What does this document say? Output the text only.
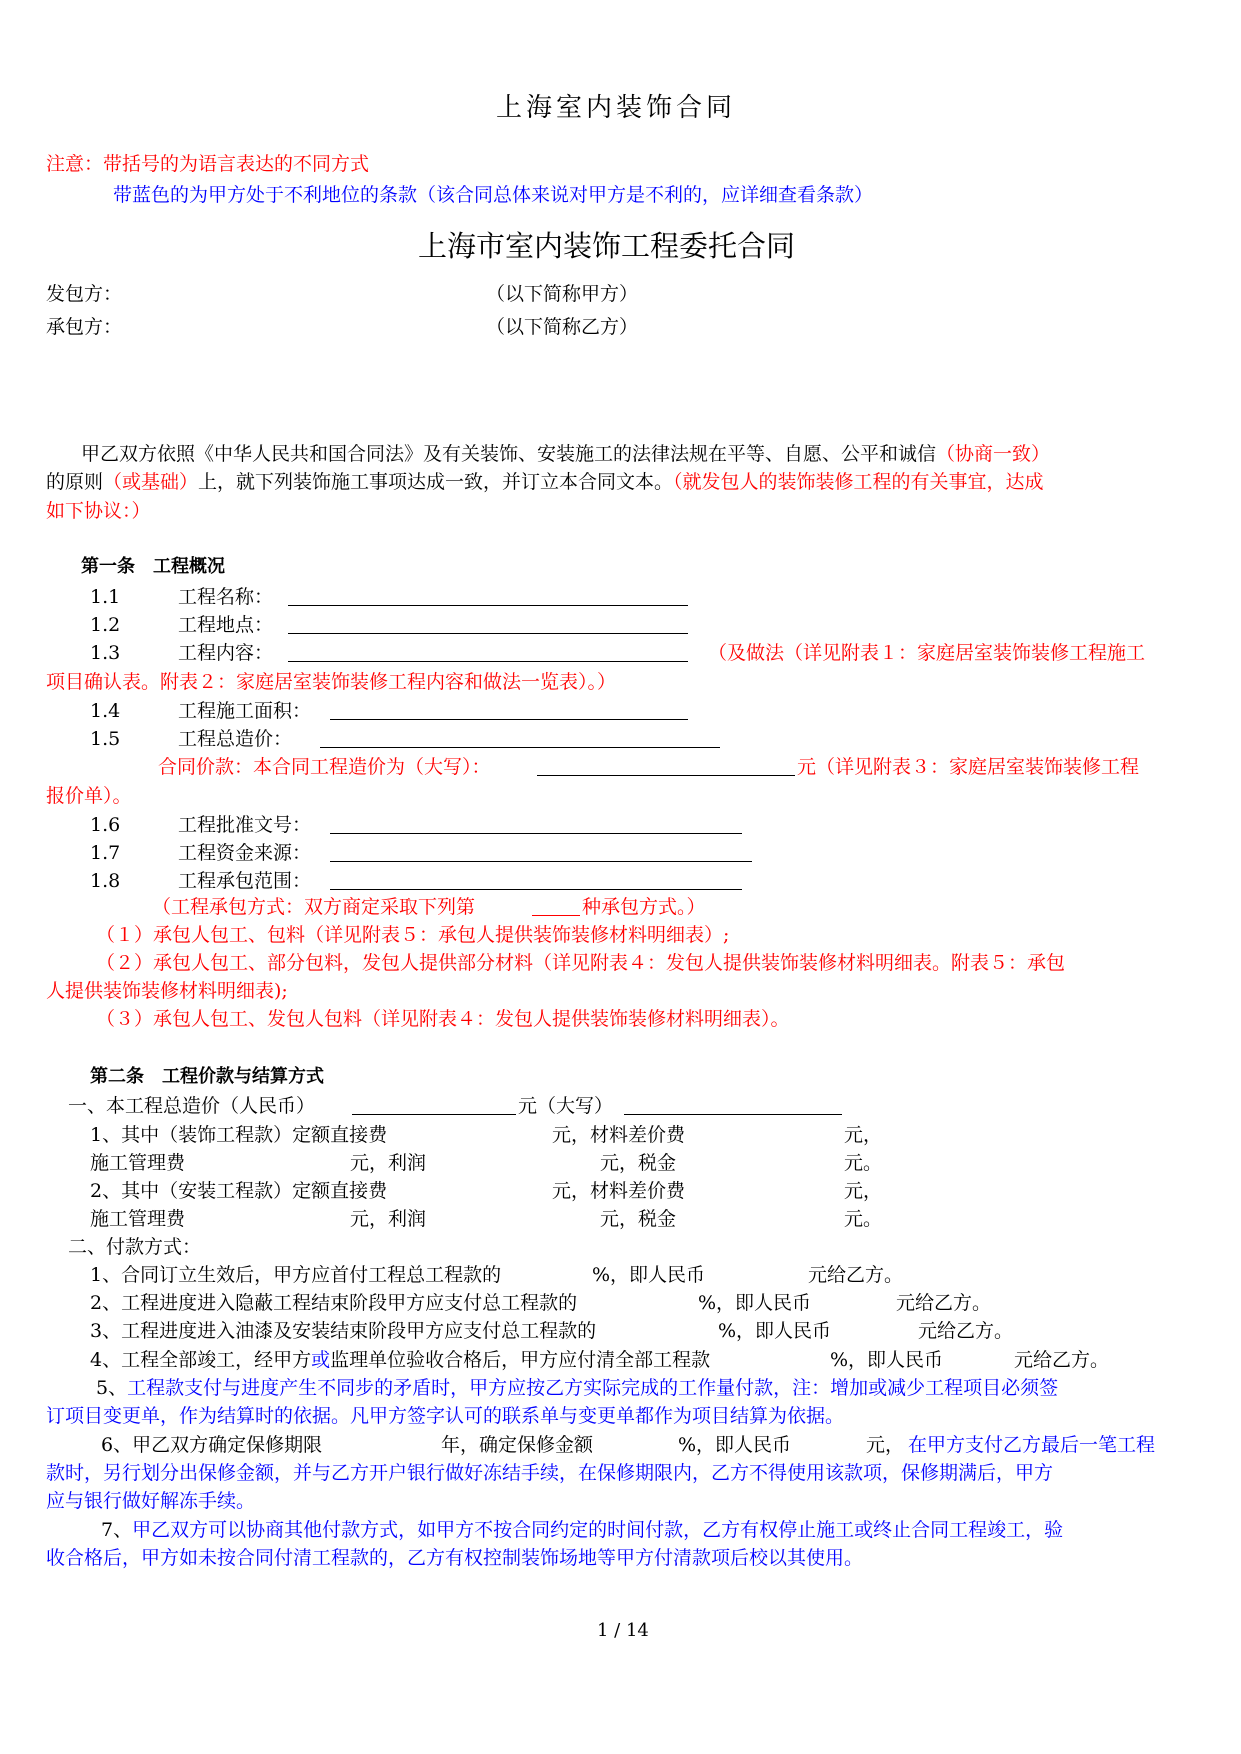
上海室内装饰合同
注意：带括号的为语言表达的不同方式
带蓝色的为甲方处于不利地位的条款（该合同总体来说对甲方是不利的，应详细查看条款）
上海市室内装饰工程委托合同
发包方：	（以下简称甲方）
承包方：	（以下简称乙方）
甲乙双方依照《中华人民共和国合同法》及有关装饰、安装施工的法律法规在平等、自愿、公平和诚信（协商一致）
的原则（或基础）上，就下列装饰施工事项达成一致，并订立本合同文本。（就发包人的装饰装修工程的有关事宜，达成
如下协议：）
第一条　工程概况
1.1	工程名称：
1.2	工程地点：
1.3	工程内容：	（及做法（详见附表１：家庭居室装饰装修工程施工
项目确认表。附表２：家庭居室装饰装修工程内容和做法一览表）。）
1.4	工程施工面积：
1.5	工程总造价：
合同价款：本合同工程造价为（大写）：	元（详见附表３：家庭居室装饰装修工程
报价单）。
1.6	工程批准文号：
1.7	工程资金来源：
1.8	工程承包范围：
（工程承包方式：双方商定采取下列第	种承包方式。）
（１）承包人包工、包料（详见附表５：承包人提供装饰装修材料明细表）;
（２）承包人包工、部分包料，发包人提供部分材料（详见附表４：发包人提供装饰装修材料明细表。附表５：承包
人提供装饰装修材料明细表);
（３）承包人包工、发包人包料（详见附表４：发包人提供装饰装修材料明细表）。
第二条　工程价款与结算方式
一、本工程总造价（人民币）	元（大写）
1、其中（装饰工程款）定额直接费	元，材料差价费	元，
施工管理费	元，利润	元，税金	元。
2、其中（安装工程款）定额直接费	元，材料差价费	元，
施工管理费	元，利润	元，税金	元。
二、付款方式：
1、合同订立生效后，甲方应首付工程总工程款的	%，即人民币	元给乙方。
2、工程进度进入隐蔽工程结束阶段甲方应支付总工程款的	%，即人民币	元给乙方。
3、工程进度进入油漆及安装结束阶段甲方应支付总工程款的	%，即人民币	元给乙方。
4、工程全部竣工，经甲方或监理单位验收合格后，甲方应付清全部工程款	%，即人民币	元给乙方。
5、工程款支付与进度产生不同步的矛盾时，甲方应按乙方实际完成的工作量付款，注：增加或减少工程项目必须签
订项目变更单，作为结算时的依据。凡甲方签字认可的联系单与变更单都作为项目结算为依据。
6、甲乙双方确定保修期限	年，确定保修金额	%，即人民币	元， 在甲方支付乙方最后一笔工程
款时，另行划分出保修金额，并与乙方开户银行做好冻结手续，在保修期限内，乙方不得使用该款项，保修期满后，甲方
应与银行做好解冻手续。
7、甲乙双方可以协商其他付款方式，如甲方不按合同约定的时间付款，乙方有权停止施工或终止合同工程竣工，验
收合格后，甲方如未按合同付清工程款的，乙方有权控制装饰场地等甲方付清款项后校以其使用。
1 / 14
